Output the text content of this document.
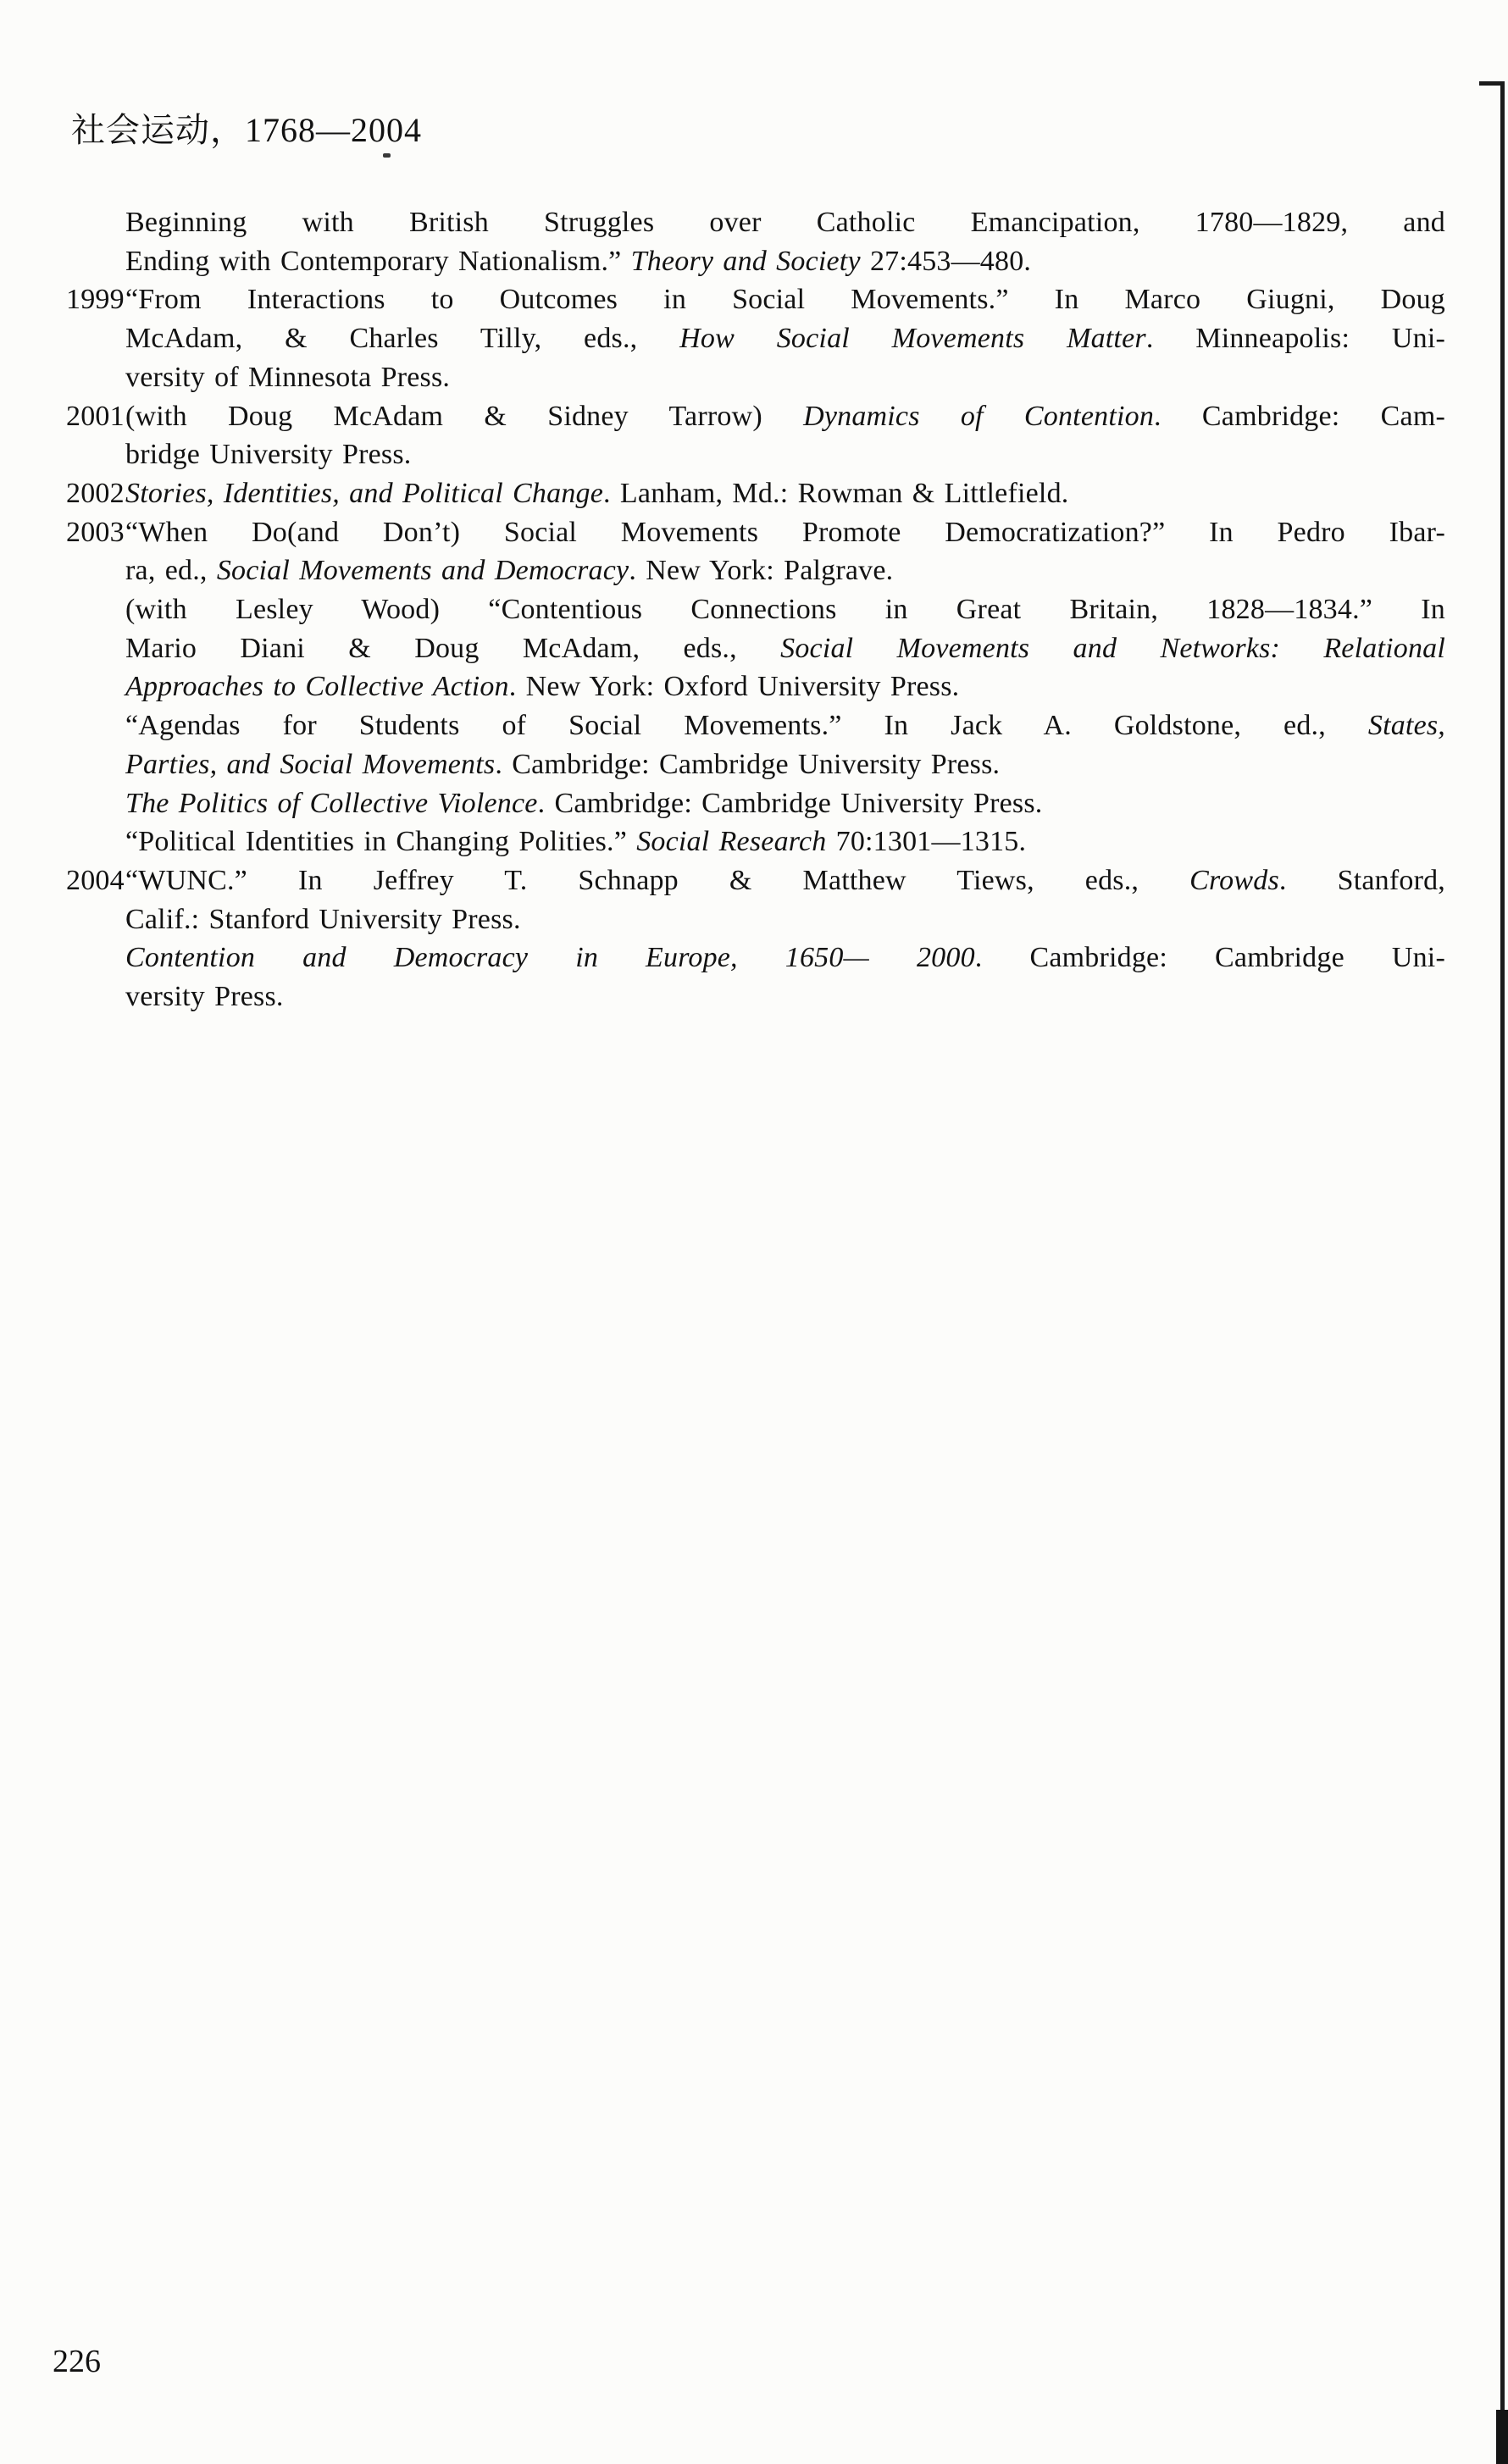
社会运动，1768—2004
Beginning with British Struggles over Catholic Emancipation, 1780—1829, and
Ending with Contemporary Nationalism.” Theory and Society 27:453—480.
1999 “From Interactions to Outcomes in Social Movements.” In Marco Giugni, Doug
McAdam, & Charles Tilly, eds., How Social Movements Matter. Minneapolis: Uni-
versity of Minnesota Press.
2001 (with Doug McAdam & Sidney Tarrow) Dynamics of Contention. Cambridge: Cam-
bridge University Press.
2002 Stories, Identities, and Political Change. Lanham, Md.: Rowman & Littlefield.
2003 “When Do(and Don’t) Social Movements Promote Democratization?” In Pedro Ibar-
ra, ed., Social Movements and Democracy. New York: Palgrave.
(with Lesley Wood) “Contentious Connections in Great Britain, 1828—1834.” In
Mario Diani & Doug McAdam, eds., Social Movements and Networks: Relational
Approaches to Collective Action. New York: Oxford University Press.
“Agendas for Students of Social Movements.” In Jack A. Goldstone, ed., States,
Parties, and Social Movements. Cambridge: Cambridge University Press.
The Politics of Collective Violence. Cambridge: Cambridge University Press.
“Political Identities in Changing Polities.” Social Research 70:1301—1315.
2004 “WUNC.” In Jeffrey T. Schnapp & Matthew Tiews, eds., Crowds. Stanford,
Calif.: Stanford University Press.
Contention and Democracy in Europe, 1650— 2000. Cambridge: Cambridge Uni-
versity Press.
226
